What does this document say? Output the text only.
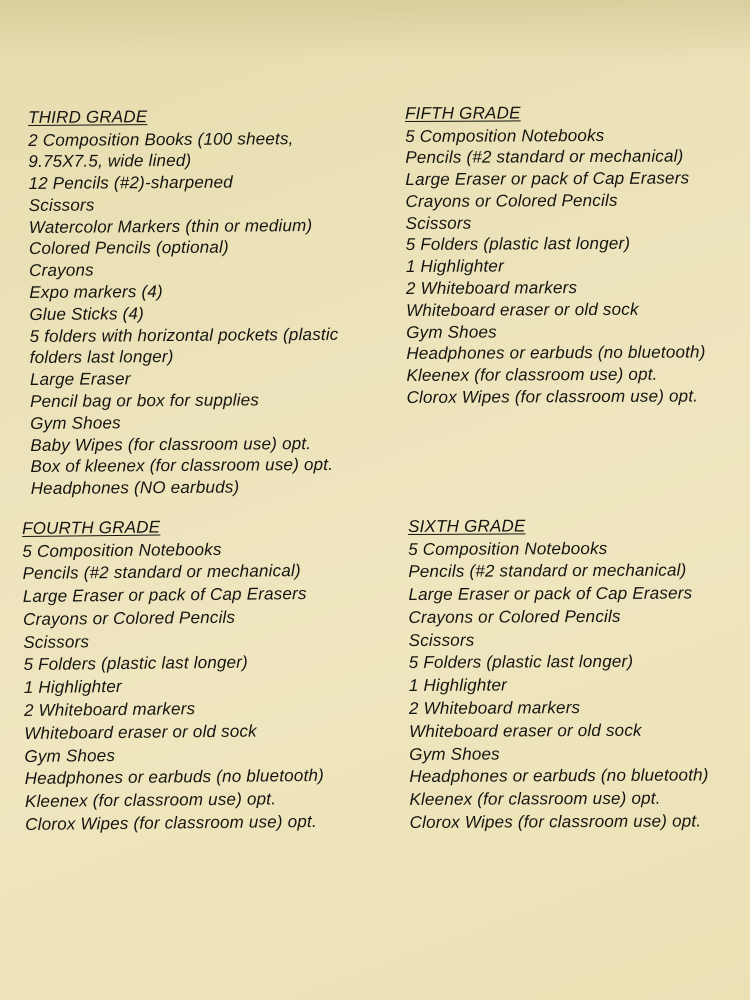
THIRD GRADE
2 Composition Books (100 sheets,
9.75X7.5, wide lined)
12 Pencils (#2)-sharpened
Scissors
Watercolor Markers (thin or medium)
Colored Pencils (optional)
Crayons
Expo markers (4)
Glue Sticks (4)
5 folders with horizontal pockets (plastic
folders last longer)
Large Eraser
Pencil bag or box for supplies
Gym Shoes
Baby Wipes (for classroom use) opt.
Box of kleenex (for classroom use) opt.
Headphones (NO earbuds)
FIFTH GRADE
5 Composition Notebooks
Pencils (#2 standard or mechanical)
Large Eraser or pack of Cap Erasers
Crayons or Colored Pencils
Scissors
5 Folders (plastic last longer)
1 Highlighter
2 Whiteboard markers
Whiteboard eraser or old sock
Gym Shoes
Headphones or earbuds (no bluetooth)
Kleenex (for classroom use) opt.
Clorox Wipes (for classroom use) opt.
FOURTH GRADE
5 Composition Notebooks
Pencils (#2 standard or mechanical)
Large Eraser or pack of Cap Erasers
Crayons or Colored Pencils
Scissors
5 Folders (plastic last longer)
1 Highlighter
2 Whiteboard markers
Whiteboard eraser or old sock
Gym Shoes
Headphones or earbuds (no bluetooth)
Kleenex (for classroom use) opt.
Clorox Wipes (for classroom use) opt.
SIXTH GRADE
5 Composition Notebooks
Pencils (#2 standard or mechanical)
Large Eraser or pack of Cap Erasers
Crayons or Colored Pencils
Scissors
5 Folders (plastic last longer)
1 Highlighter
2 Whiteboard markers
Whiteboard eraser or old sock
Gym Shoes
Headphones or earbuds (no bluetooth)
Kleenex (for classroom use) opt.
Clorox Wipes (for classroom use) opt.
